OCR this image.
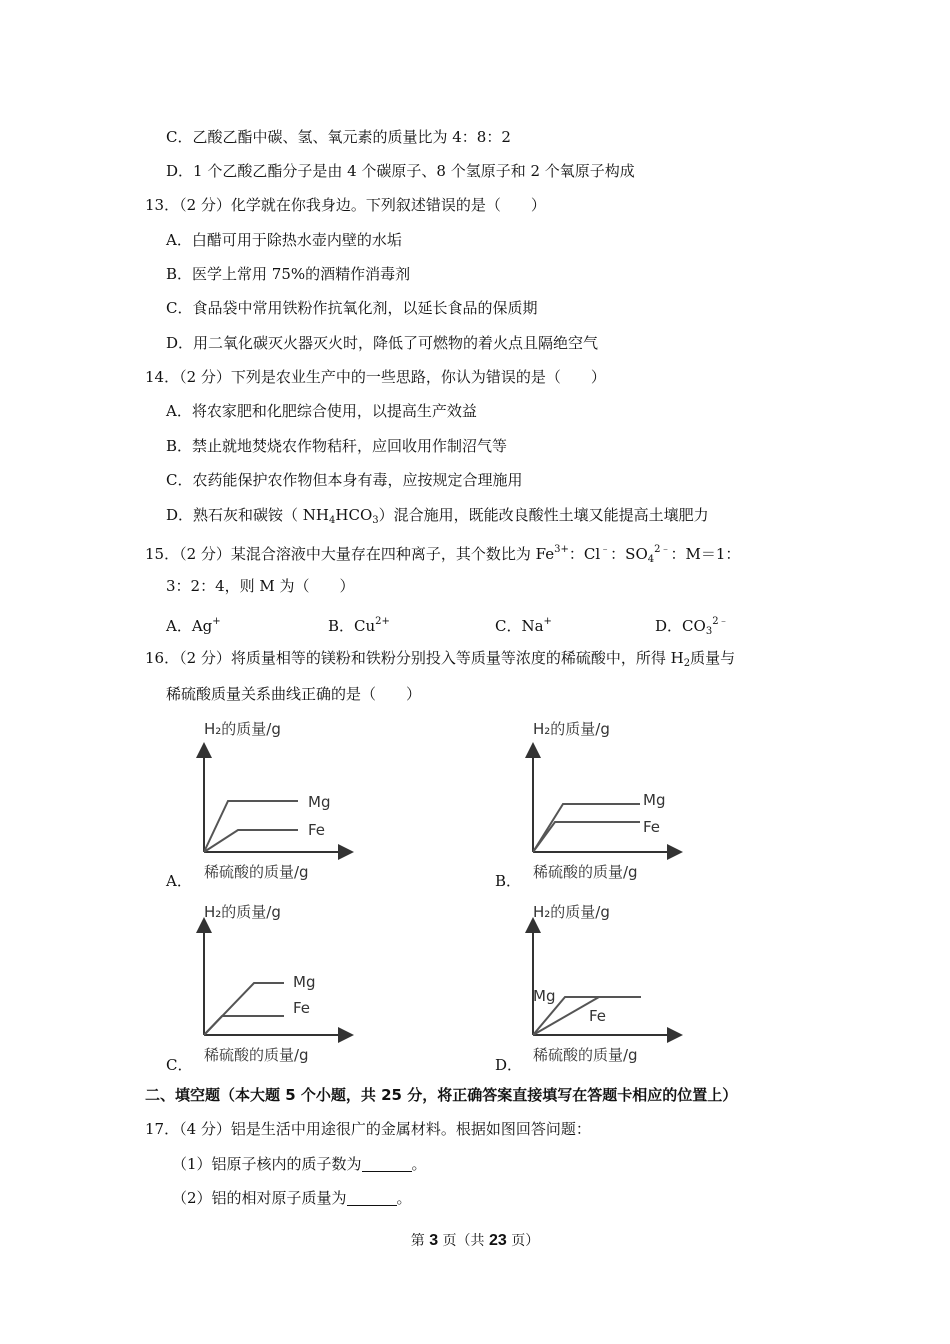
C．乙酸乙酯中碳、氢、氧元素的质量比为 4：8：2
D．1 个乙酸乙酯分子是由 4 个碳原子、8 个氢原子和 2 个氧原子构成
13．（2 分）化学就在你我身边。下列叙述错误的是（　　）
A．白醋可用于除热水壶内壁的水垢
B．医学上常用 75%的酒精作消毒剂
C．食品袋中常用铁粉作抗氧化剂，以延长食品的保质期
D．用二氧化碳灭火器灭火时，降低了可燃物的着火点且隔绝空气
14．（2 分）下列是农业生产中的一些思路，你认为错误的是（　　）
A．将农家肥和化肥综合使用，以提高生产效益
B．禁止就地焚烧农作物秸秆，应回收用作制沼气等
C．农药能保护农作物但本身有毒，应按规定合理施用
D．熟石灰和碳铵（ $NH_4HCO_3$）混合施用，既能改良酸性土壤又能提高土壤肥力
15．（2 分）某混合溶液中大量存在四种离子，其个数比为 $Fe^{3+}$：Cl﹣：$SO_4^{2﹣}$：M＝1：
3：2：4，则 M 为（　　）
A．Ag+	B．$Cu^{2+}$	C．Na+	D．$CO_3^{2﹣}$
16．（2 分）将质量相等的镁粉和铁粉分别投入等质量等浓度的稀硫酸中，所得 $H_2$质量与
稀硫酸质量关系曲线正确的是（　　）
H₂的质量/g
Mg
Fe
稀硫酸的质量/g
A．
H₂的质量/g
Mg
Fe
稀硫酸的质量/g
B．
H₂的质量/g
Mg
Fe
稀硫酸的质量/g
C．
H₂的质量/g
Mg
Fe
稀硫酸的质量/g
D．
二、填空题（本大题 5 个小题，共 25 分，将正确答案直接填写在答题卡相应的位置上）
17．（4 分）铝是生活中用途很广的金属材料。根据如图回答问题：
（1）铝原子核内的质子数为	。
（2）铝的相对原子质量为	。
第 3 页（共 23 页）
